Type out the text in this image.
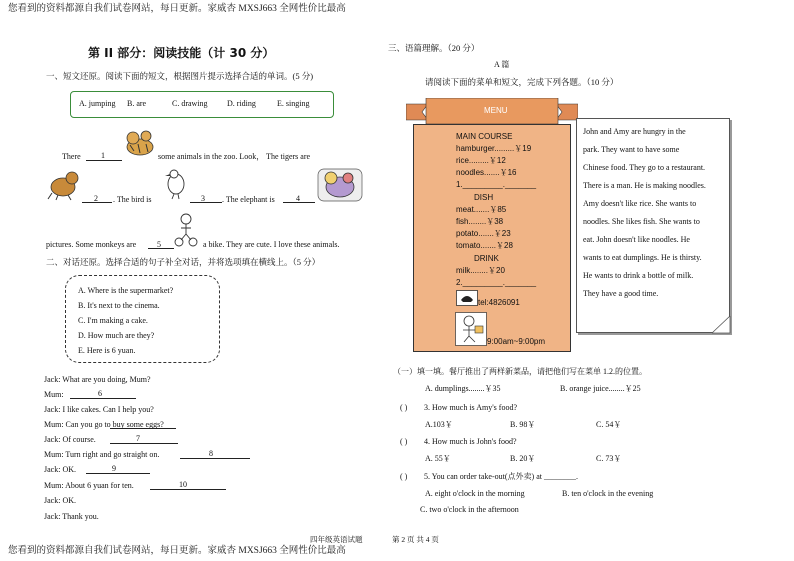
您看到的资料都源自我们试卷网站，每日更新。家威杏 MXSJ663 全网性价比最高
第 II 部分：阅读技能（计 30 分）
一、短文还原。阅读下面的短文，根据图片提示选择合适的单词。(5 分)
A. jumping B. are	C. drawing D. riding	E. singing
There	1	some animals in the zoo. Look， The tigers are
2 . The bird is	3 . The elephant is	4
pictures. Some monkeys are	5	a bike. They are cute. I love these animals.
二、对话还原。选择合适的句子补全对话，并将选项填在横线上。（5 分）
A. Where is the supermarket?
B. It's next to the cinema.
C. I'm making a cake.
D. How much are they?
E. Here is 6 yuan.
Jack: What are you doing, Mum?
Mum:	6
Jack: I like cakes. Can I help you?
Mum: Can you go to buy some eggs?
Jack: Of course.	7
Mum: Turn right and go straight on.	8
Jack: OK.	9
Mum: About 6 yuan for ten.	10
Jack: OK.
Jack: Thank you.
三、语篇理解。（20 分）
A 篇
请阅读下面的菜单和短文，完成下列各题。（10 分）
MENU
MAIN COURSE
hamburger.........￥19
rice.........￥12
noodles.......￥16
1._________._______
DISH
meat.......￥85
fish........￥38
potato.......￥23
tomato.......￥28
DRINK
milk........￥20
2._________._______
tel:4826091
9:00am~9:00pm

John and Amy are hungry in the

park. They want to have some

Chinese food. They go to a restaurant.

There is a man. He is making noodles.

Amy doesn't like rice. She wants to

noodles. She likes fish. She wants to

eat. John doesn't like noodles. He

wants to eat dumplings. He is thirsty.

He wants to drink a bottle of milk.

They have a good time.

（一）填一填。餐厅推出了两样新菜品，请把他们写在菜单 1.2.的位置。
A. dumplings........￥35	B. orange juice........￥25
( ) 3. How much is Amy's food?
A.103￥	B. 98￥	C. 54￥
( ) 4. How much is John's food?
A. 55￥	B. 20￥	C. 73￥
( ) 5. You can order take-out(点外卖) at ________.
A. eight o'clock in the morning	B. ten o'clock in the evening
C. two o'clock in the afternoon
四年级英语试题	第 2 页 共 4 页
您看到的资料都源自我们试卷网站，每日更新。家威杏 MXSJ663 全网性价比最高
